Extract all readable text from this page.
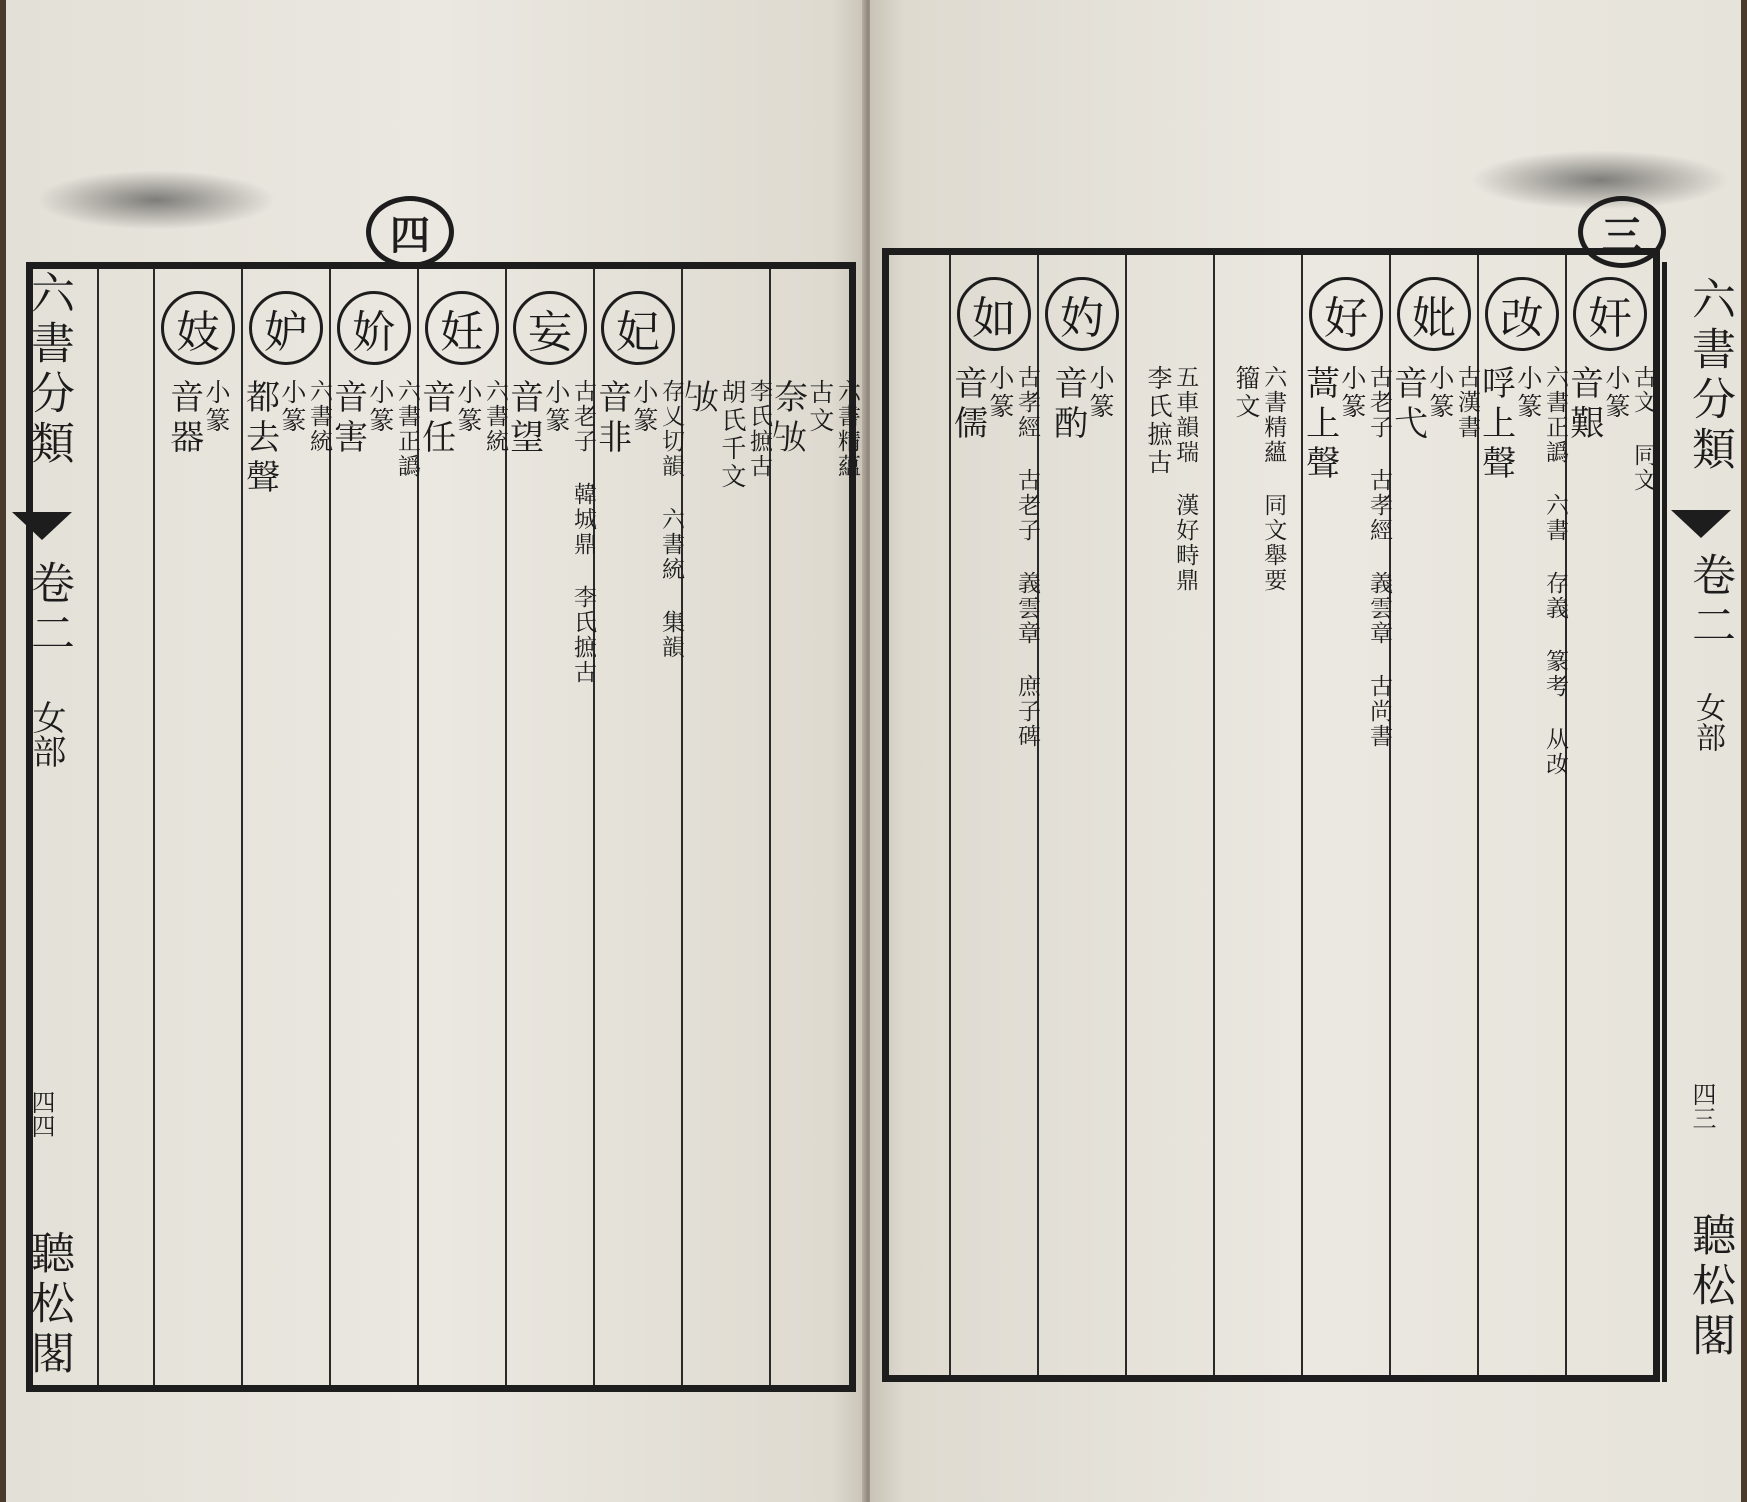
四
六書分類
卷二
女部
四四
聽松閣
奈𡚷
古文 六書精蘊
𡚷
胡氏千文 李氏摭古
妃
音非
小篆 存乂切韻 六書統 集韻
妄
音望
小篆 古老子 韓城鼎 李氏摭古
妊
音任
小篆 六書統
妎
音害
小篆 六書正譌
妒
都去聲
小篆 六書統
妓
音器
小篆
三
奸
音艱
小篆 古文 同文
妀
哹上聲
小篆 六書正譌 六書 存義 篆考 从妀
妣
音弋
小篆 古漢書
好
蒿上聲
小篆 古老子 古孝經 義雲章 古尚書
籀文 六書精蘊 同文舉要
李氏摭古 五車韻瑞 漢好畤鼎
妁
音酌
小篆
如
音儒
小篆 古孝經 古老子 義雲章 庶子碑	六書分類
卷二
女部
四三
聽松閣
